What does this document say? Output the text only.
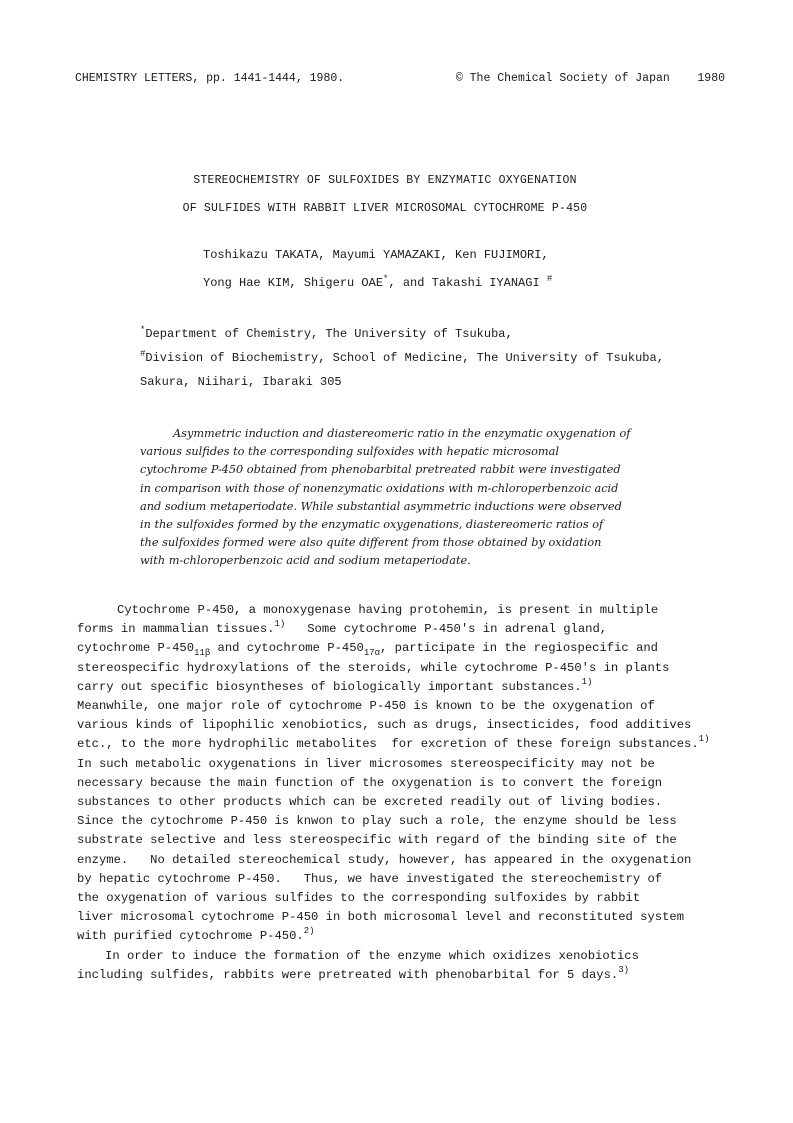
CHEMISTRY LETTERS, pp. 1441-1444, 1980.	© The Chemical Society of Japan 1980
STEREOCHEMISTRY OF SULFOXIDES BY ENZYMATIC OXYGENATION
OF SULFIDES WITH RABBIT LIVER MICROSOMAL CYTOCHROME P-450
Toshikazu TAKATA, Mayumi YAMAZAKI, Ken FUJIMORI,
Yong Hae KIM, Shigeru OAE*, and Takashi IYANAGI #
*Department of Chemistry, The University of Tsukuba,
#Division of Biochemistry, School of Medicine, The University of Tsukuba,
Sakura, Niihari, Ibaraki 305
Asymmetric induction and diastereomeric ratio in the enzymatic oxygenation of
various sulfides to the corresponding sulfoxides with hepatic microsomal
cytochrome P-450 obtained from phenobarbital pretreated rabbit were investigated
in comparison with those of nonenzymatic oxidations with m-chloroperbenzoic acid
and sodium metaperiodate. While substantial asymmetric inductions were observed
in the sulfoxides formed by the enzymatic oxygenations, diastereomeric ratios of
the sulfoxides formed were also quite different from those obtained by oxidation
with m-chloroperbenzoic acid and sodium metaperiodate.

Cytochrome P-450, a monoxygenase having protohemin, is present in multiple

forms in mammalian tissues.$^{1)}$   Some cytochrome P-450's in adrenal gland,

cytochrome $P-450_{11\beta}$ and cytochrome $P-450_{17\alpha}$, participate in the regiospecific and

stereospecific hydroxylations of the steroids, while cytochrome P-450's in plants

carry out specific biosyntheses of biologically important substances.$^{1)}$

Meanwhile, one major role of cytochrome P-450 is known to be the oxygenation of

various kinds of lipophilic xenobiotics, such as drugs, insecticides, food additives

etc., to the more hydrophilic metabolites  for excretion of these foreign substances.$^{1)}$

In such metabolic oxygenations in liver microsomes stereospecificity may not be

necessary because the main function of the oxygenation is to convert the foreign

substances to other products which can be excreted readily out of living bodies.

Since the cytochrome P-450 is knwon to play such a role, the enzyme should be less

substrate selective and less stereospecific with regard of the binding site of the

enzyme.   No detailed stereochemical study, however, has appeared in the oxygenation

by hepatic cytochrome P-450.   Thus, we have investigated the stereochemistry of

the oxygenation of various sulfides to the corresponding sulfoxides by rabbit

liver microsomal cytochrome P-450 in both microsomal level and reconstituted system

with purified cytochrome P-450.$^{2)}$

In order to induce the formation of the enzyme which oxidizes xenobiotics

including sulfides, rabbits were pretreated with phenobarbital for 5 days.$^{3)}$
